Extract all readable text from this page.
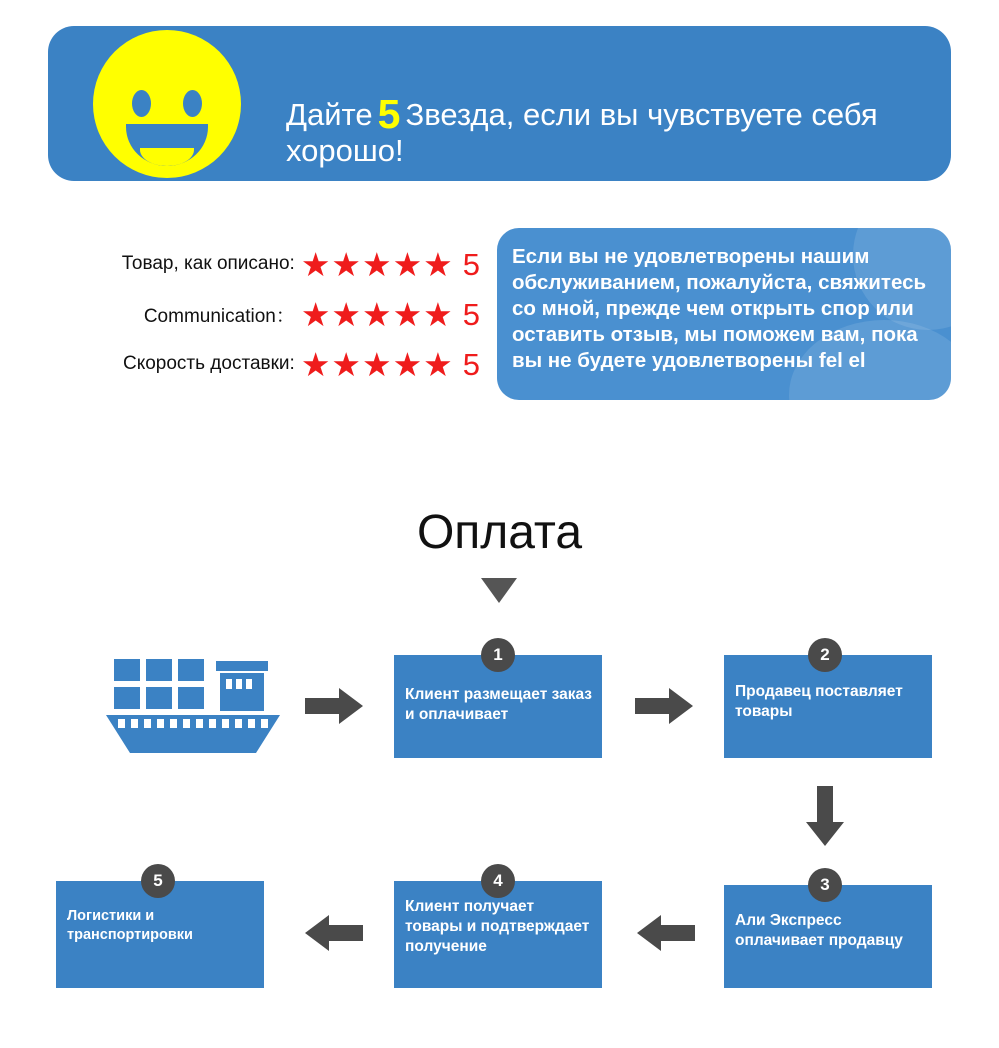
Дайте 5 Звезда, если вы чувствуете себя хорошо!
Товар, как описано: ★★★★★ 5
Communication： ★★★★★ 5
Скорость доставки: ★★★★★ 5
Если вы не удовлетворены нашим обслуживанием, пожалуйста, свяжитесь со мной, прежде чем открыть спор или оставить отзыв, мы поможем вам, пока вы не будете удовлетворены fel el
Оплата
Клиент размещает заказ и оплачивает
1
Продавец поставляет товары
2
Али Экспресс оплачивает продавцу
3
Клиент получает товары и подтверждает получение
4
Логистики и транспортировки
5
